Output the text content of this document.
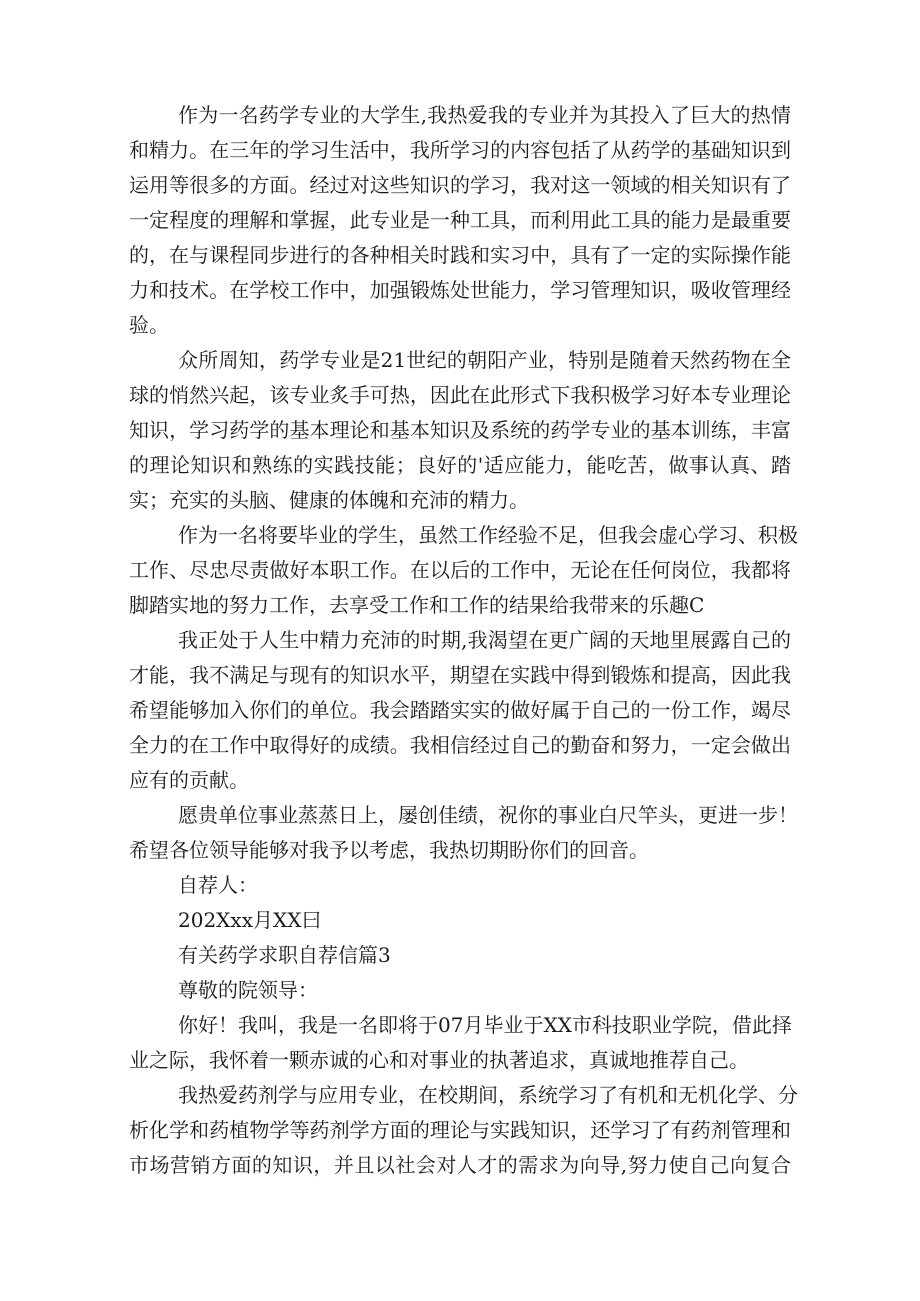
作为一名药学专业的大学生,我热爱我的专业并为其投入了巨大的热情
和精力。在三年的学习生活中，我所学习的内容包括了从药学的基础知识到
运用等很多的方面。经过对这些知识的学习，我对这一领域的相关知识有了
一定程度的理解和掌握，此专业是一种工具，而利用此工具的能力是最重要
的，在与课程同步进行的各种相关时践和实习中，具有了一定的实际操作能
力和技术。在学校工作中，加强锻炼处世能力，学习管理知识，吸收管理经
验。
众所周知，药学专业是21世纪的朝阳产业，特别是随着天然药物在全
球的悄然兴起，该专业炙手可热，因此在此形式下我积极学习好本专业理论
知识，学习药学的基本理论和基本知识及系统的药学专业的基本训练，丰富
的理论知识和熟练的实践技能；良好的'适应能力，能吃苦，做事认真、踏
实；充实的头脑、健康的体魄和充沛的精力。
作为一名将要毕业的学生，虽然工作经验不足，但我会虚心学习、积极
工作、尽忠尽责做好本职工作。在以后的工作中，无论在任何岗位，我都将
脚踏实地的努力工作，去享受工作和工作的结果给我带来的乐趣C
我正处于人生中精力充沛的时期,我渴望在更广阔的天地里展露自己的
才能，我不满足与现有的知识水平，期望在实践中得到锻炼和提高，因此我
希望能够加入你们的单位。我会踏踏实实的做好属于自己的一份工作，竭尽
全力的在工作中取得好的成绩。我相信经过自己的勤奋和努力，一定会做出
应有的贡献。
愿贵单位事业蒸蒸日上，屡创佳绩，祝你的事业白尺竿头，更进一步！
希望各位领导能够对我予以考虑，我热切期盼你们的回音。
自荐人：
202Xxx月XX曰
有关药学求职自荐信篇3
尊敬的院领导：
你好！我叫，我是一名即将于07月毕业于XX市科技职业学院，借此择
业之际，我怀着一颗赤诚的心和对事业的执著追求，真诚地推荐自己。
我热爱药剂学与应用专业，在校期间，系统学习了有机和无机化学、分
析化学和药植物学等药剂学方面的理论与实践知识，还学习了有药剂管理和
市场营销方面的知识，并且以社会对人才的需求为向导,努力使自己向复合
